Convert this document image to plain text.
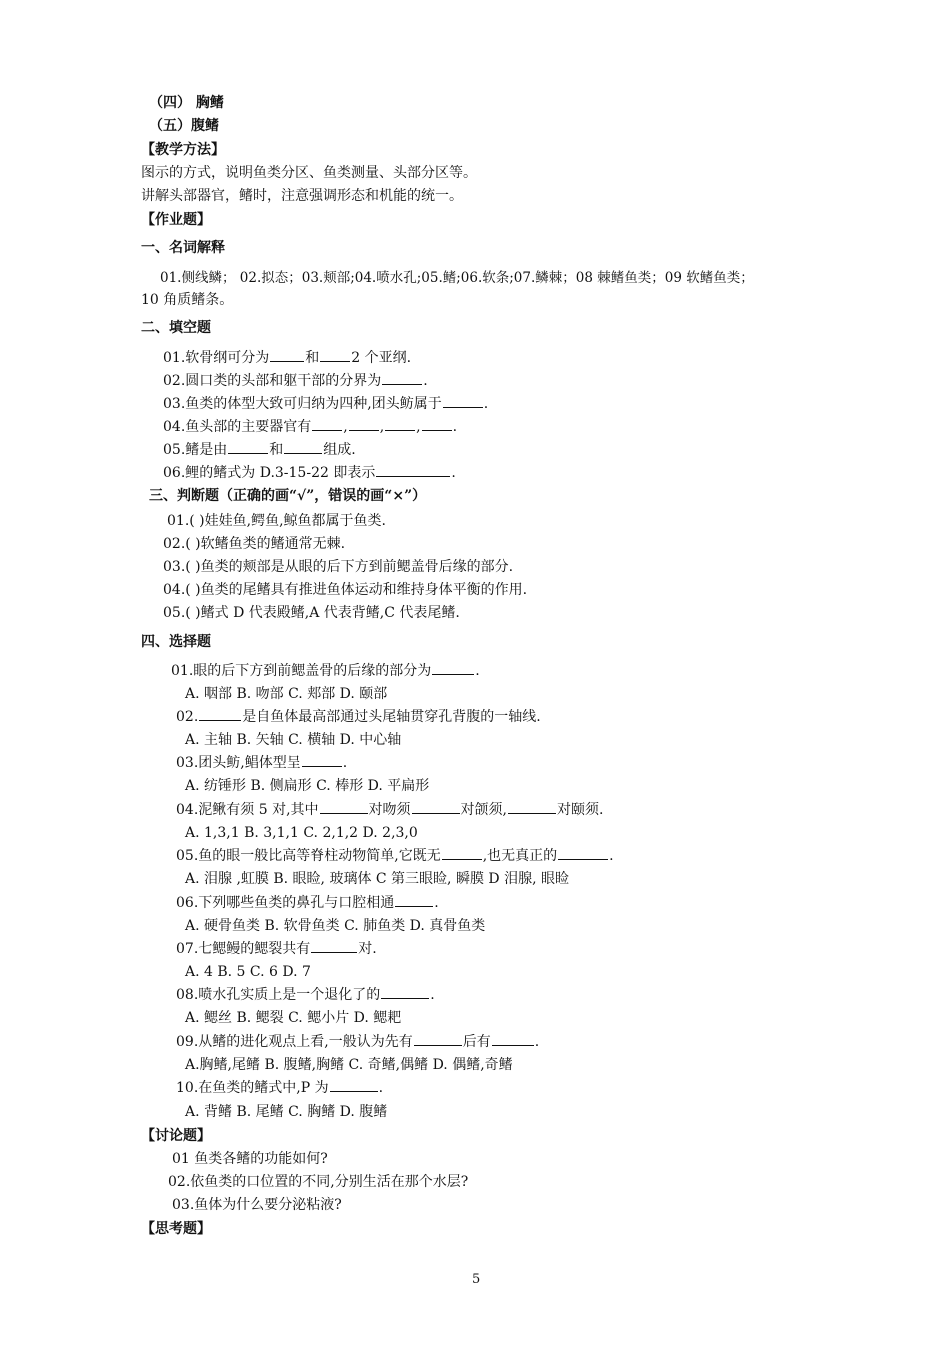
（四） 胸鳍
（五）腹鳍
【教学方法】
图示的方式，说明鱼类分区、鱼类测量、头部分区等。
讲解头部器官，鳍时，注意强调形态和机能的统一。
【作业题】
一、名词解释
01.侧线鳞； 02.拟态；03.颊部;04.喷水孔;05.鳍;06.软条;07.鳞棘；08 棘鳍鱼类；09 软鳍鱼类；
10 角质鳍条。
二、填空题
01.软骨纲可分为	和 2 个亚纲.
02.圆口类的头部和躯干部的分界为	.
03.鱼类的体型大致可归纳为四种,团头鲂属于	.
04.鱼头部的主要器官有 , , , .
05.鳍是由	和	组成.
06.鲤的鳍式为 D.3-15-22 即表示	.
三、判断题（正确的画“√”，错误的画“×”）
01.( )娃娃鱼,鳄鱼,鲸鱼都属于鱼类.
02.( )软鳍鱼类的鳍通常无棘.
03.( )鱼类的颊部是从眼的后下方到前鳃盖骨后缘的部分.
04.( )鱼类的尾鳍具有推进鱼体运动和维持身体平衡的作用.
05.( )鳍式 D 代表殿鳍,A 代表背鳍,C 代表尾鳍.
四、选择题
01.眼的后下方到前鳃盖骨的后缘的部分为	.
A. 咽部 B. 吻部 C. 郏部 D. 颐部
02.	是自鱼体最高部通过头尾轴贯穿孔背腹的一轴线.
A. 主轴 B. 矢轴 C. 横轴 D. 中心轴
03.团头鲂,鲳体型呈	.
A. 纺锤形 B. 侧扁形 C. 棒形 D. 平扁形
04.泥鳅有须 5 对,其中	对吻须	对颌须,	对颐须.
A. 1,3,1 B. 3,1,1 C. 2,1,2 D. 2,3,0
05.鱼的眼一般比高等脊柱动物简单,它既无	,也无真正的	.
A. 泪腺 ,虹膜 B. 眼睑, 玻璃体 C 第三眼睑, 瞬膜 D 泪腺, 眼睑
06.下列哪些鱼类的鼻孔与口腔相通	.
A. 硬骨鱼类 B. 软骨鱼类 C. 肺鱼类 D. 真骨鱼类
07.七鳃鳗的鳃裂共有	对.
A. 4 B. 5 C. 6 D. 7
08.喷水孔实质上是一个退化了的	.
A. 鳃丝 B. 鳃裂 C. 鳃小片 D. 鳃耙
09.从鳍的进化观点上看,一般认为先有	后有	.
A.胸鳍,尾鳍 B. 腹鳍,胸鳍 C. 奇鳍,偶鳍 D. 偶鳍,奇鳍
10.在鱼类的鳍式中,P 为	.
A. 背鳍 B. 尾鳍 C. 胸鳍 D. 腹鳍
【讨论题】
01 鱼类各鳍的功能如何?
02.依鱼类的口位置的不同,分别生活在那个水层?
03.鱼体为什么要分泌粘液?
【思考题】
5
